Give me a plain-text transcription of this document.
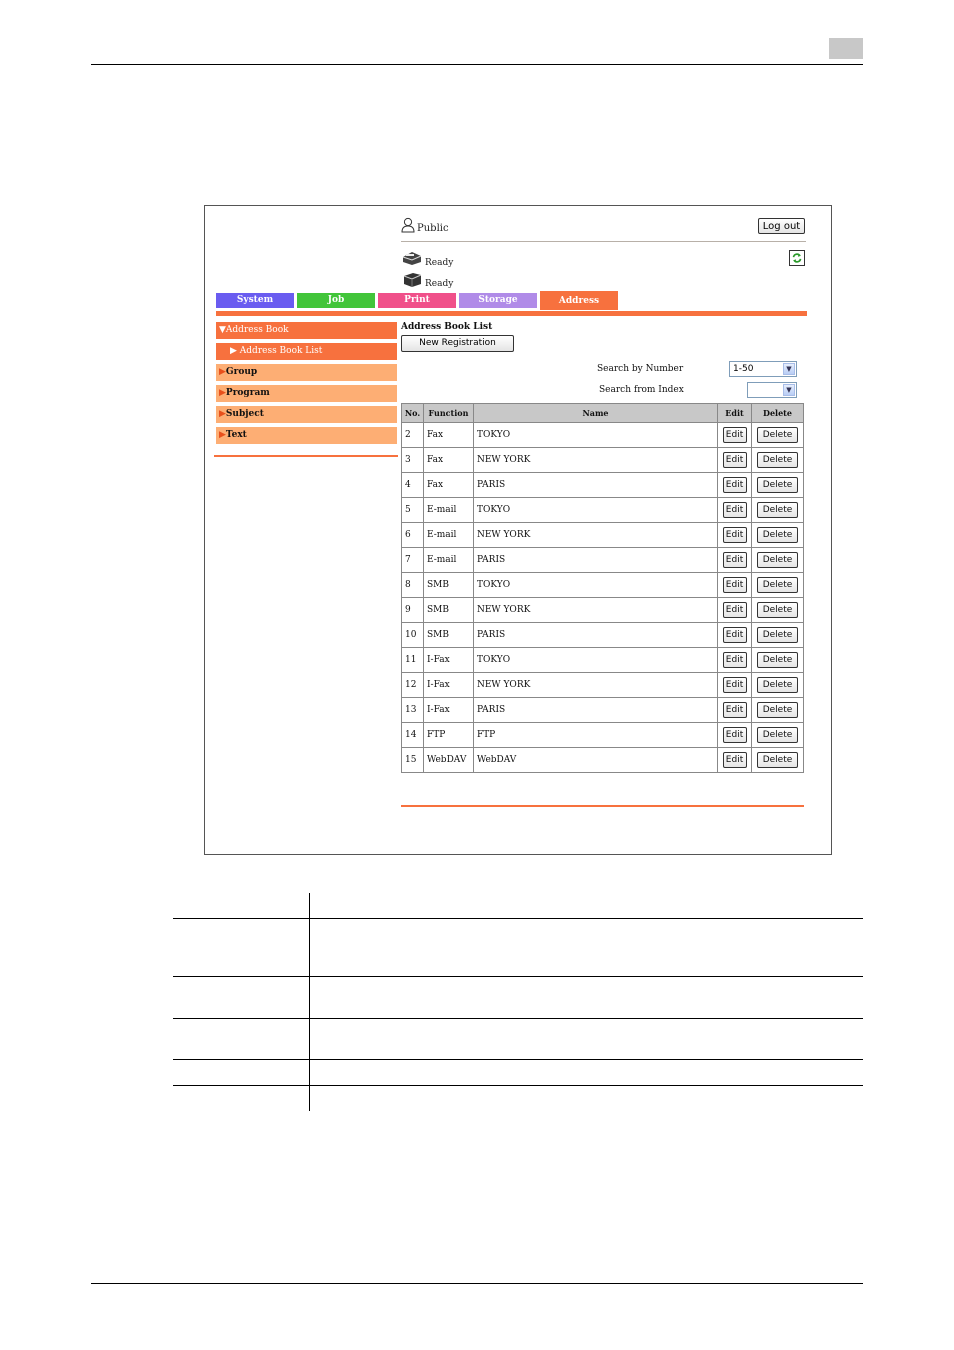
Public	Log out
Ready
Ready
System	Job	Print	Storage	Address
▼Address Book
▶ Address Book List
▶Group
▶Program
▶Subject
▶Text
Address Book List
New Registration
Search by Number	1-50	▼
Search from Index	▼
No.	Function	Name	Edit	Delete
2	Fax	TOKYO	Edit	Delete
3	Fax	NEW YORK	Edit	Delete
4	Fax	PARIS	Edit	Delete
5	E-mail	TOKYO	Edit	Delete
6	E-mail	NEW YORK	Edit	Delete
7	E-mail	PARIS	Edit	Delete
8	SMB	TOKYO	Edit	Delete
9	SMB	NEW YORK	Edit	Delete
10	SMB	PARIS	Edit	Delete
11	I-Fax	TOKYO	Edit	Delete
12	I-Fax	NEW YORK	Edit	Delete
13	I-Fax	PARIS	Edit	Delete
14	FTP	FTP	Edit	Delete
15	WebDAV	WebDAV	Edit	Delete
